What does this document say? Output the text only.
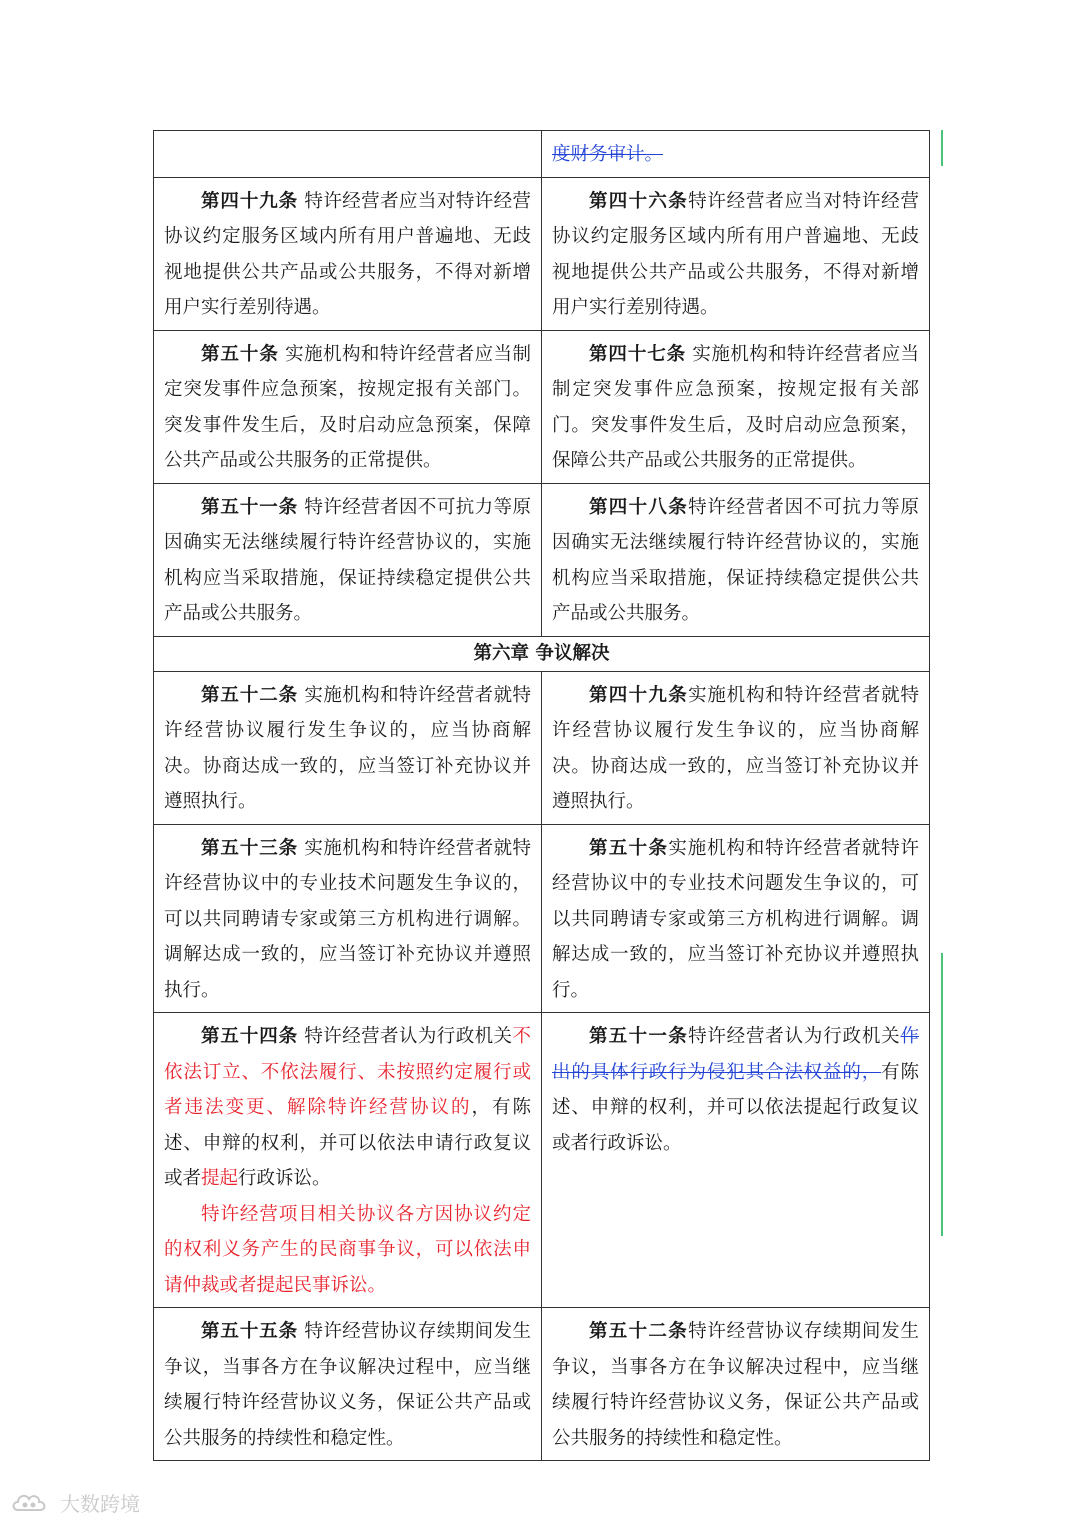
	度财务审计。
第四十九条 特许经营者应当对特许经营协议约定服务区域内所有用户普遍地、无歧视地提供公共产品或公共服务，不得对新增用户实行差别待遇。	第四十六条特许经营者应当对特许经营协议约定服务区域内所有用户普遍地、无歧视地提供公共产品或公共服务，不得对新增用户实行差别待遇。
第五十条 实施机构和特许经营者应当制定突发事件应急预案，按规定报有关部门。突发事件发生后，及时启动应急预案，保障公共产品或公共服务的正常提供。	第四十七条 实施机构和特许经营者应当制定突发事件应急预案，按规定报有关部门。突发事件发生后，及时启动应急预案，保障公共产品或公共服务的正常提供。
第五十一条 特许经营者因不可抗力等原因确实无法继续履行特许经营协议的，实施机构应当采取措施，保证持续稳定提供公共产品或公共服务。	第四十八条特许经营者因不可抗力等原因确实无法继续履行特许经营协议的，实施机构应当采取措施，保证持续稳定提供公共产品或公共服务。
第六章 争议解决	
第五十二条 实施机构和特许经营者就特许经营协议履行发生争议的，应当协商解决。协商达成一致的，应当签订补充协议并遵照执行。	第四十九条实施机构和特许经营者就特许经营协议履行发生争议的，应当协商解决。协商达成一致的，应当签订补充协议并遵照执行。
第五十三条 实施机构和特许经营者就特许经营协议中的专业技术问题发生争议的，可以共同聘请专家或第三方机构进行调解。调解达成一致的，应当签订补充协议并遵照执行。	第五十条实施机构和特许经营者就特许经营协议中的专业技术问题发生争议的，可以共同聘请专家或第三方机构进行调解。调解达成一致的，应当签订补充协议并遵照执行。

第五十四条 特许经营者认为行政机关不依法订立、不依法履行、未按照约定履行或者违法变更、解除特许经营协议的，有陈述、申辩的权利，并可以依法申请行政复议或者提起行政诉讼。

特许经营项目相关协议各方因协议约定的权利义务产生的民商事争议，可以依法申请仲裁或者提起民事诉讼。	第五十一条特许经营者认为行政机关作出的具体行政行为侵犯其合法权益的，有陈述、申辩的权利，并可以依法提起行政复议或者行政诉讼。
第五十五条 特许经营协议存续期间发生争议，当事各方在争议解决过程中，应当继续履行特许经营协议义务，保证公共产品或公共服务的持续性和稳定性。	第五十二条特许经营协议存续期间发生争议，当事各方在争议解决过程中，应当继续履行特许经营协议义务，保证公共产品或公共服务的持续性和稳定性。
大数跨境
